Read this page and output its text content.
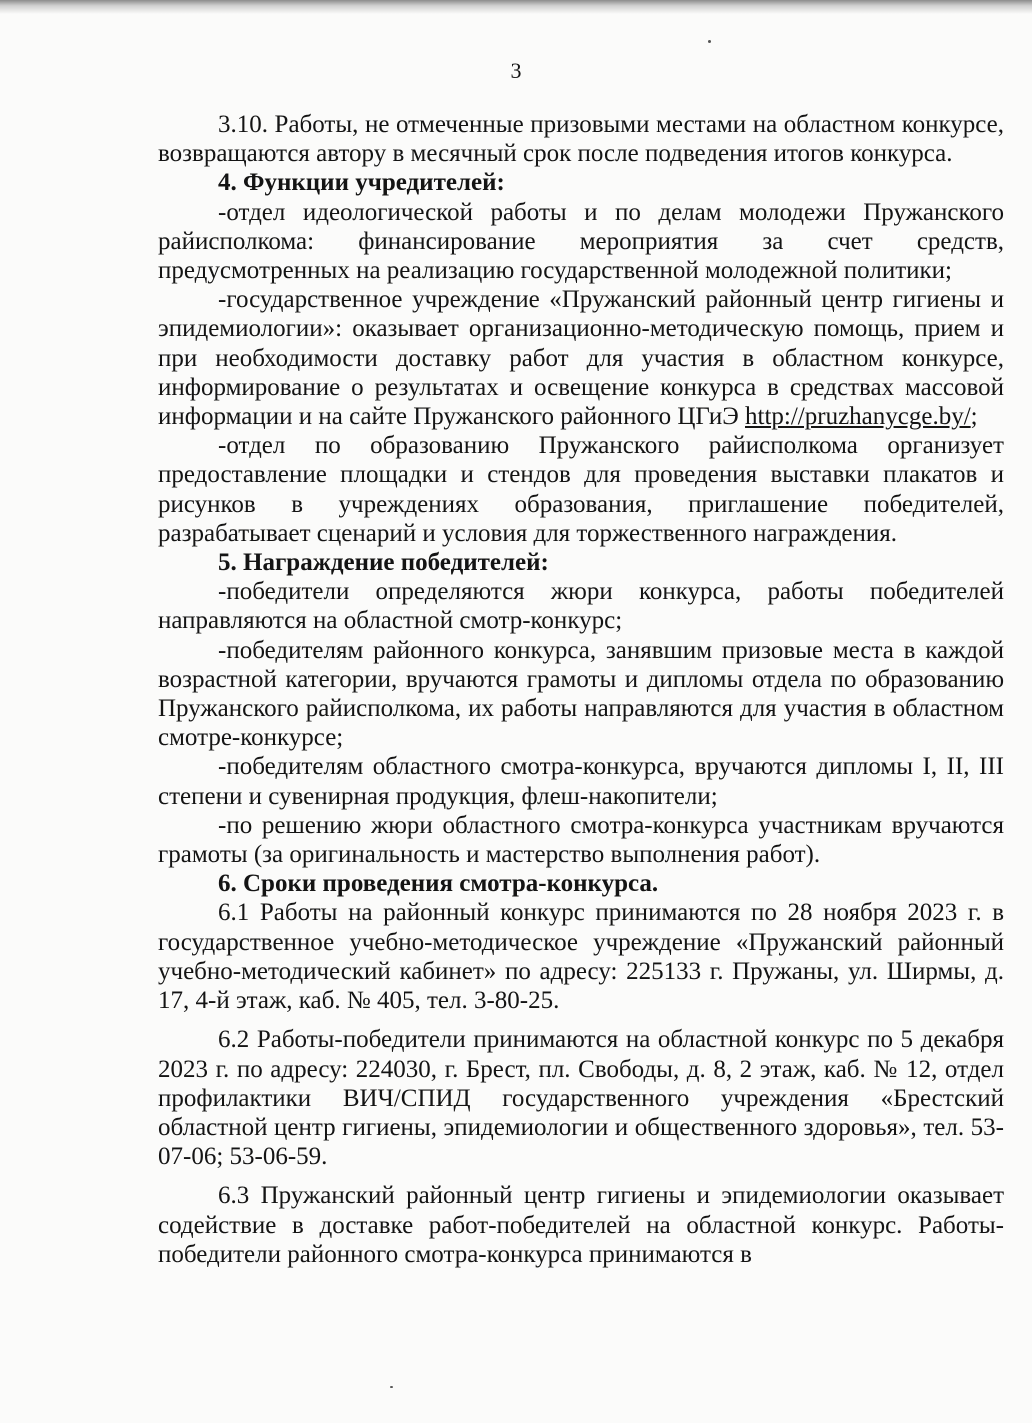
3

3.10. Работы, не отмеченные призовыми местами на областном конкурсе, возвращаются автору в месячный срок после подведения итогов конкурса.

4. Функции учредителей:

-отдел идеологической работы и по делам молодежи Пружанского райисполкома: финансирование мероприятия за счет средств, предусмотренных на реализацию государственной молодежной политики;

-государственное учреждение «Пружанский районный центр гигиены и эпидемиологии»: оказывает организационно-методическую помощь, прием и при необходимости доставку работ для участия в областном конкурсе, информирование о результатах и освещение конкурса в средствах массовой информации и на сайте Пружанского районного ЦГиЭ http://pruzhanycge.by/;

-отдел по образованию Пружанского райисполкома организует предоставление площадки и стендов для проведения выставки плакатов и рисунков в учреждениях образования, приглашение победителей, разрабатывает сценарий и условия для торжественного награждения.

5. Награждение победителей:

-победители определяются жюри конкурса, работы победителей направляются на областной смотр-конкурс;

-победителям районного конкурса, занявшим призовые места в каждой возрастной категории, вручаются грамоты и дипломы отдела по образованию Пружанского райисполкома, их работы направляются для участия в областном смотре-конкурсе;

-победителям областного смотра-конкурса, вручаются дипломы I, II, III степени и сувенирная продукция, флеш-накопители;

-по решению жюри областного смотра-конкурса участникам вручаются грамоты (за оригинальность и мастерство выполнения работ).

6. Сроки проведения смотра-конкурса.

6.1 Работы на районный конкурс принимаются по 28 ноября 2023 г. в государственное учебно-методическое учреждение «Пружанский районный учебно-методический кабинет» по адресу: 225133 г. Пружаны, ул. Ширмы, д. 17, 4-й этаж, каб. № 405, тел. 3-80-25.

6.2 Работы-победители принимаются на областной конкурс по 5 декабря 2023 г. по адресу: 224030, г. Брест, пл. Свободы, д. 8, 2 этаж, каб. № 12, отдел профилактики ВИЧ/СПИД государственного учреждения «Брестский областной центр гигиены, эпидемиологии и общественного здоровья», тел. 53-07-06; 53-06-59.

6.3 Пружанский районный центр гигиены и эпидемиологии оказывает содействие в доставке работ-победителей на областной конкурс. Работы-победители районного смотра-конкурса принимаются в
